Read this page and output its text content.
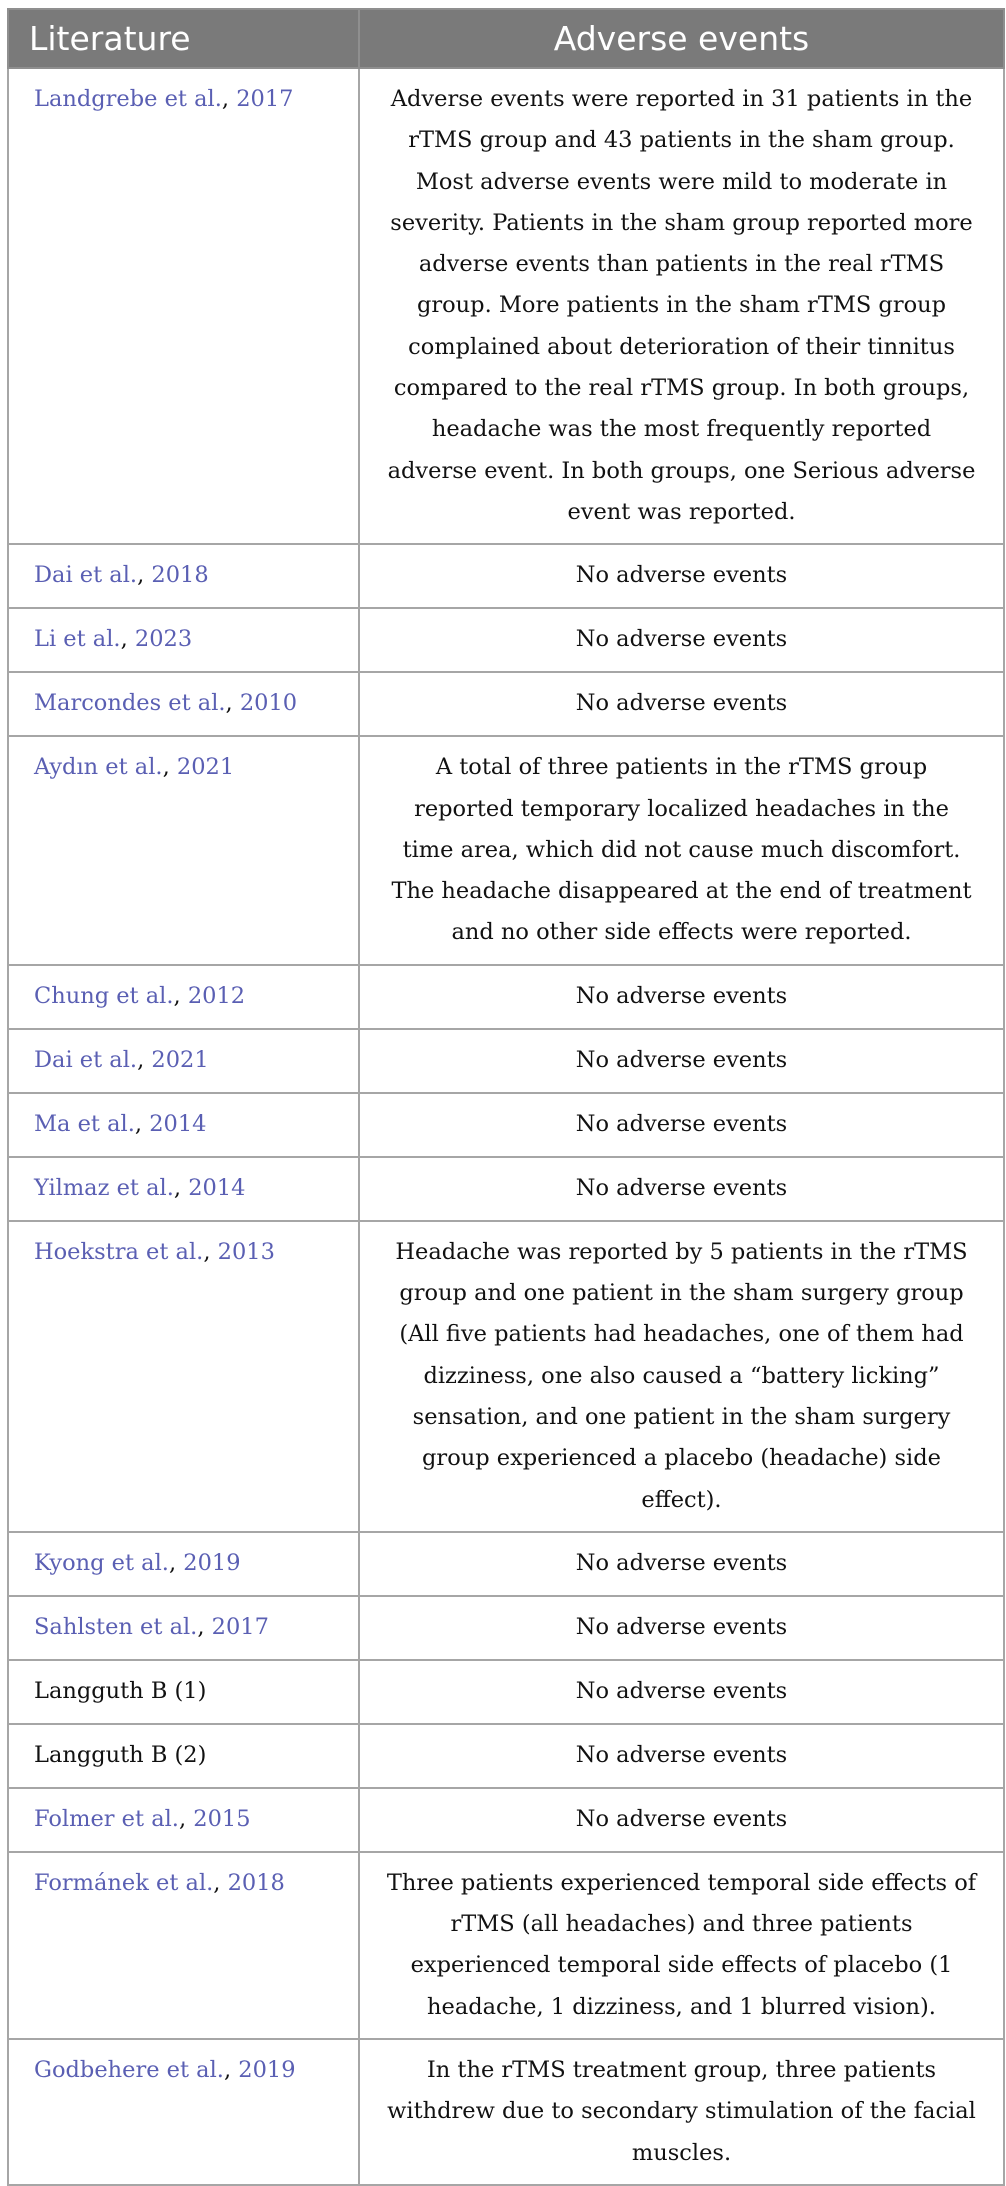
Literature	Adverse events
Landgrebe et al., 2017	Adverse events were reported in 31 patients in the rTMS group and 43 patients in the sham group. Most adverse events were mild to moderate in severity. Patients in the sham group reported more adverse events than patients in the real rTMS group. More patients in the sham rTMS group complained about deterioration of their tinnitus compared to the real rTMS group. In both groups, headache was the most frequently reported adverse event. In both groups, one Serious adverse event was reported.
Dai et al., 2018	No adverse events
Li et al., 2023	No adverse events
Marcondes et al., 2010	No adverse events
Aydın et al., 2021	A total of three patients in the rTMS group reported temporary localized headaches in the time area, which did not cause much discomfort. The headache disappeared at the end of treatment and no other side effects were reported.
Chung et al., 2012	No adverse events
Dai et al., 2021	No adverse events
Ma et al., 2014	No adverse events
Yilmaz et al., 2014	No adverse events
Hoekstra et al., 2013	Headache was reported by 5 patients in the rTMS group and one patient in the sham surgery group (All five patients had headaches, one of them had dizziness, one also caused a “battery licking” sensation, and one patient in the sham surgery group experienced a placebo (headache) side effect).
Kyong et al., 2019	No adverse events
Sahlsten et al., 2017	No adverse events
Langguth B (1)	No adverse events
Langguth B (2)	No adverse events
Folmer et al., 2015	No adverse events
Formánek et al., 2018	Three patients experienced temporal side effects of rTMS (all headaches) and three patients experienced temporal side effects of placebo (1 headache, 1 dizziness, and 1 blurred vision).
Godbehere et al., 2019	In the rTMS treatment group, three patients withdrew due to secondary stimulation of the facial muscles.
